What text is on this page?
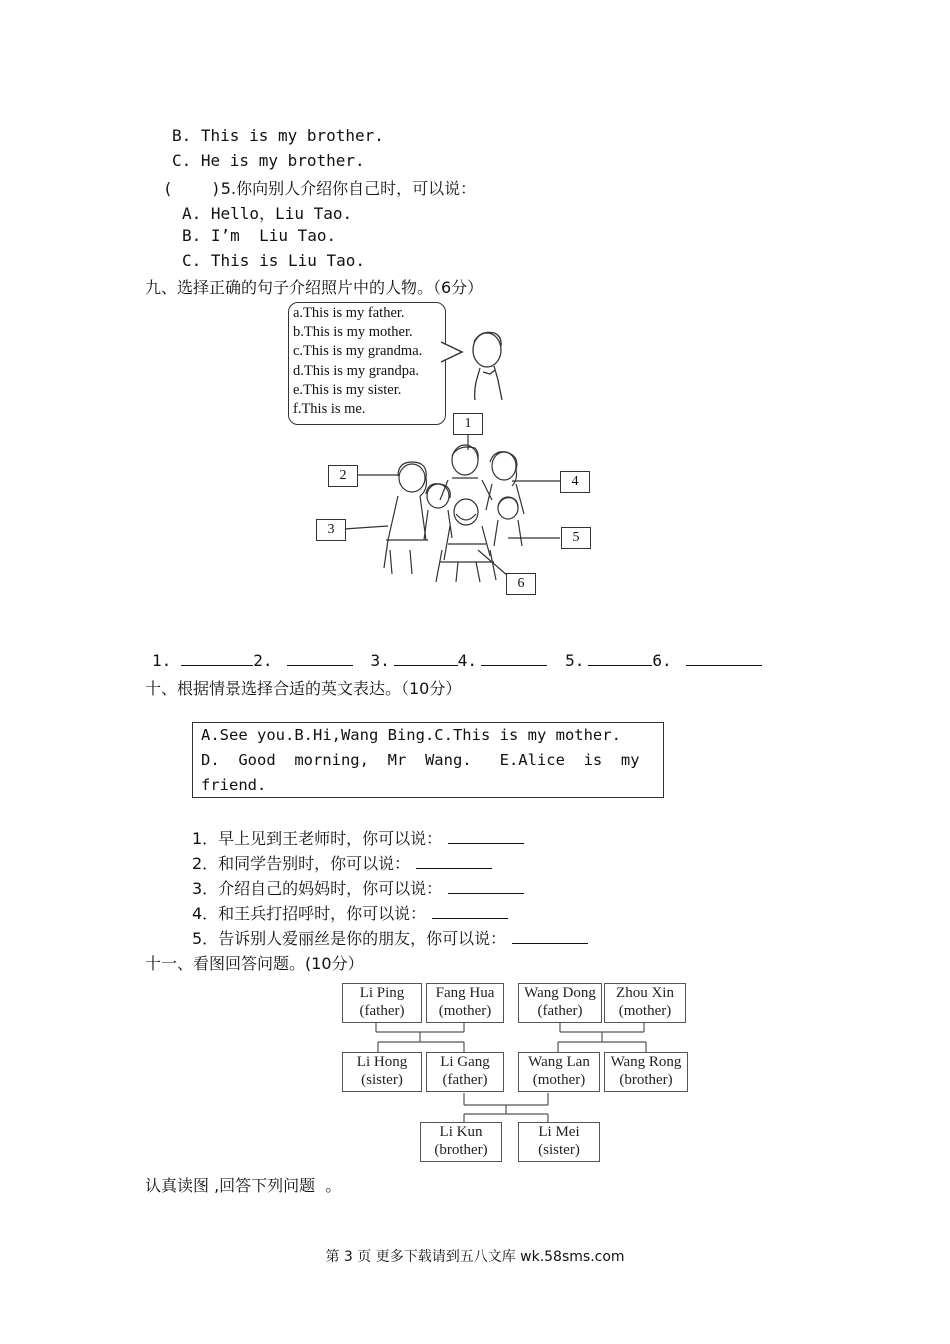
B. This is my brother.
C. He is my brother.
(    )5.你向别人介绍你自己时，可以说：
A. Hello，Liu Tao.
B. I’m  Liu Tao.
C. This is Liu Tao.
九、选择正确的句子介绍照片中的人物。（6分）
a.This is my father.
b.This is my mother.
c.This is my grandma.
d.This is my grandpa.
e.This is my sister.
f.This is me.
1
2
3
4
5
6
1.	2.	3.	4.	5.	6.
十、根据情景选择合适的英文表达。（10分）
A.See you.B.Hi,Wang Bing.C.This is my mother.
D.  Good  morning,  Mr  Wang.   E.Alice  is  my
friend.
1．早上见到王老师时，你可以说：
2．和同学告别时，你可以说：
3．介绍自己的妈妈时，你可以说：
4．和王兵打招呼时，你可以说：
5．告诉别人爱丽丝是你的朋友，你可以说：
十一、看图回答问题。(10分）
Li Ping
(father)
Fang Hua
(mother)
Wang Dong
(father)
Zhou Xin
(mother)
Li Hong
(sister)
Li Gang
(father)
Wang Lan
(mother)
Wang Rong
(brother)
Li Kun
(brother)
Li Mei
(sister)
认真读图 ,回答下列问题  。
第 3 页 更多下载请到五八文库 wk.58sms.com
